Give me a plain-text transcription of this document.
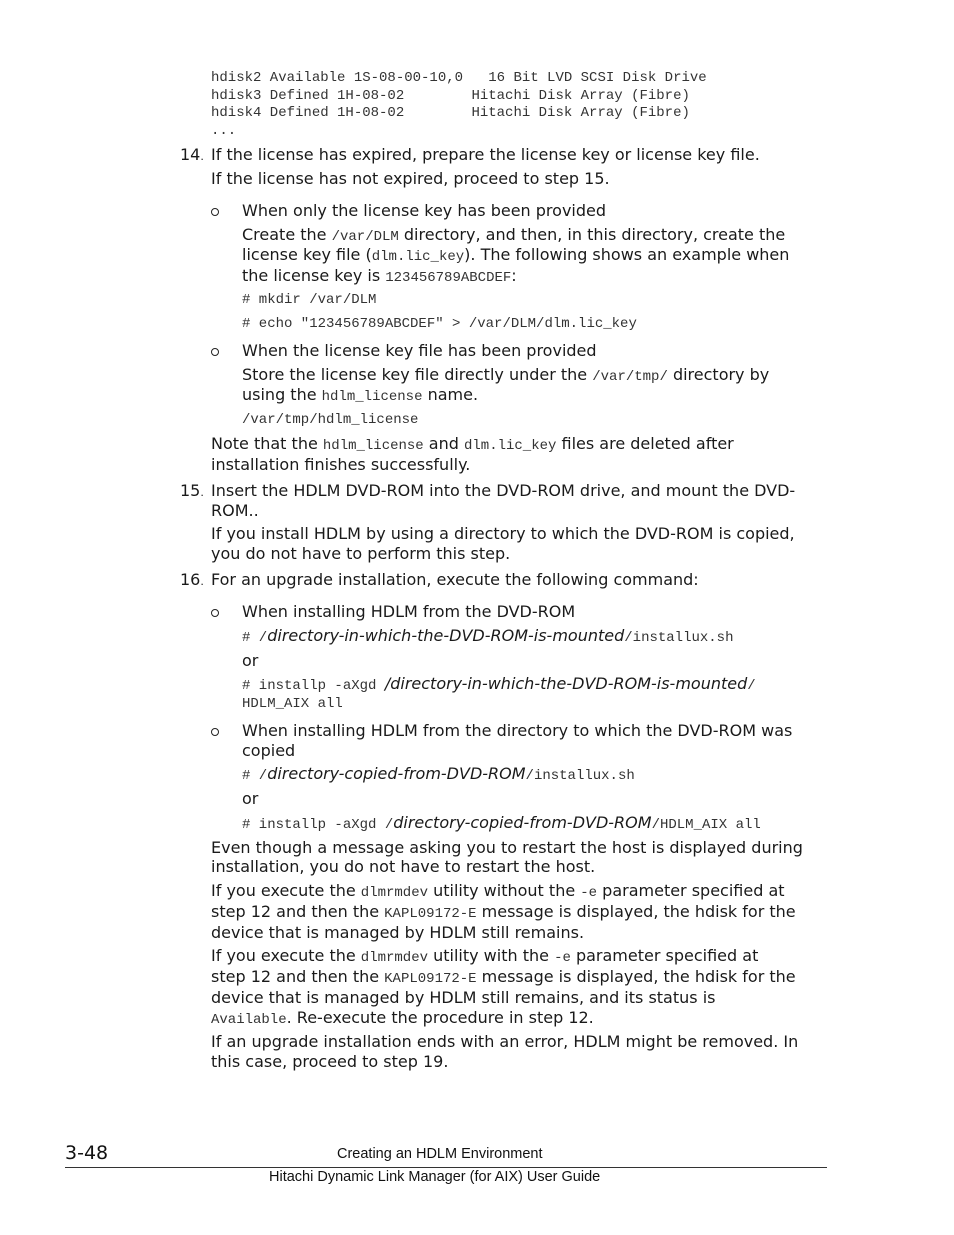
hdisk2 Available 1S-08-00-10,0   16 Bit LVD SCSI Disk Drive
hdisk3 Defined 1H-08-02        Hitachi Disk Array (Fibre)
hdisk4 Defined 1H-08-02        Hitachi Disk Array (Fibre)
...
14. If the license has expired, prepare the license key or license key file.
If the license has not expired, proceed to step 15.
When only the license key has been provided
Create the /var/DLM directory, and then, in this directory, create the
license key file (dlm.lic_key). The following shows an example when
the license key is 123456789ABCDEF:
# mkdir /var/DLM
# echo "123456789ABCDEF" > /var/DLM/dlm.lic_key
When the license key file has been provided
Store the license key file directly under the /var/tmp/ directory by
using the hdlm_license name.
/var/tmp/hdlm_license
Note that the hdlm_license and dlm.lic_key files are deleted after
installation finishes successfully.
15. Insert the HDLM DVD-ROM into the DVD-ROM drive, and mount the DVD-
ROM..
If you install HDLM by using a directory to which the DVD-ROM is copied,
you do not have to perform this step.
16. For an upgrade installation, execute the following command:
When installing HDLM from the DVD-ROM
# /directory-in-which-the-DVD-ROM-is-mounted/installux.sh
or
# installp -aXgd /directory-in-which-the-DVD-ROM-is-mounted/
HDLM_AIX all
When installing HDLM from the directory to which the DVD-ROM was
copied
# /directory-copied-from-DVD-ROM/installux.sh
or
# installp -aXgd /directory-copied-from-DVD-ROM/HDLM_AIX all
Even though a message asking you to restart the host is displayed during
installation, you do not have to restart the host.
If you execute the dlmrmdev utility without the -e parameter specified at
step 12 and then the KAPL09172-E message is displayed, the hdisk for the
device that is managed by HDLM still remains.
If you execute the dlmrmdev utility with the -e parameter specified at
step 12 and then the KAPL09172-E message is displayed, the hdisk for the
device that is managed by HDLM still remains, and its status is
Available. Re-execute the procedure in step 12.
If an upgrade installation ends with an error, HDLM might be removed. In
this case, proceed to step 19.
3-48	Creating an HDLM Environment
Hitachi Dynamic Link Manager (for AIX) User Guide
